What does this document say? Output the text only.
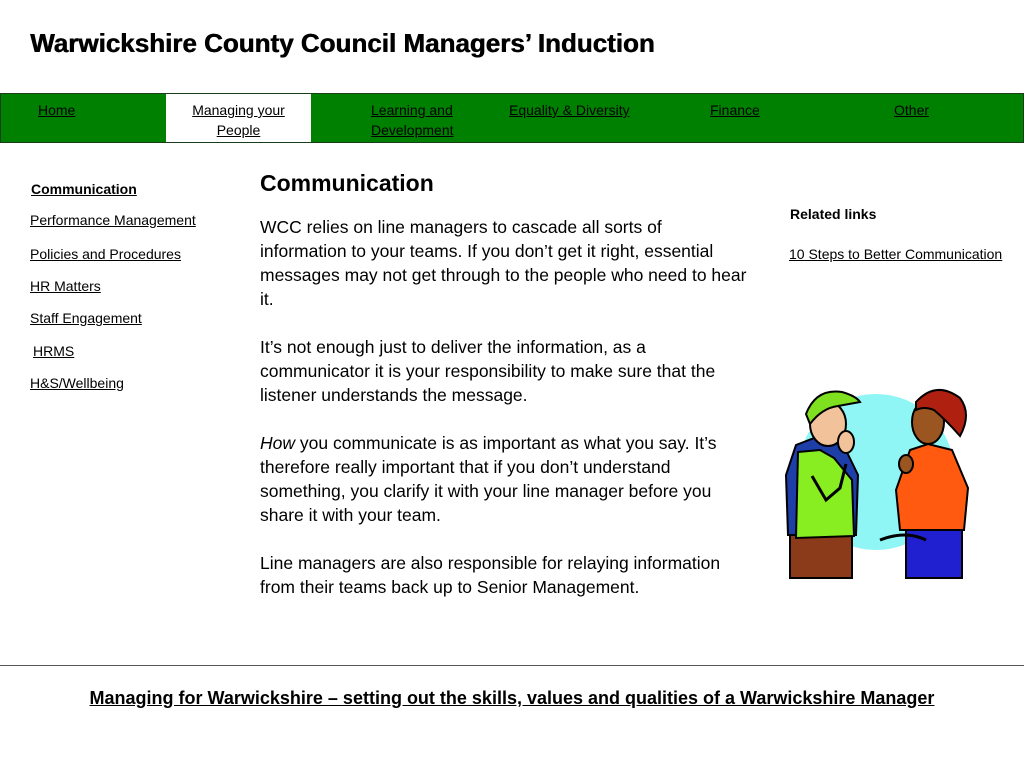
Warwickshire County Council Managers’ Induction
Home	Managing your
People
Learning and
Development
Equality & Diversity	Finance	Other
Communication
Performance Management
Policies and Procedures
HR Matters
Staff Engagement
HRMS
H&S/Wellbeing
Communication

WCC relies on line managers to cascade all sorts of information to your teams. If you don’t get it right, essential messages may not get through to the people who need to hear it.

It’s not enough just to deliver the information, as a communicator it is your responsibility to make sure that the listener understands the message.

How you communicate is as important as what you say. It’s therefore really important that if you don’t understand something, you clarify it with your line manager before you share it with your team.

Line managers are also responsible for relaying information from their teams back up to Senior Management.

Related links
10 Steps to Better Communication
Managing for Warwickshire – setting out the skills, values and qualities of a Warwickshire Manager
